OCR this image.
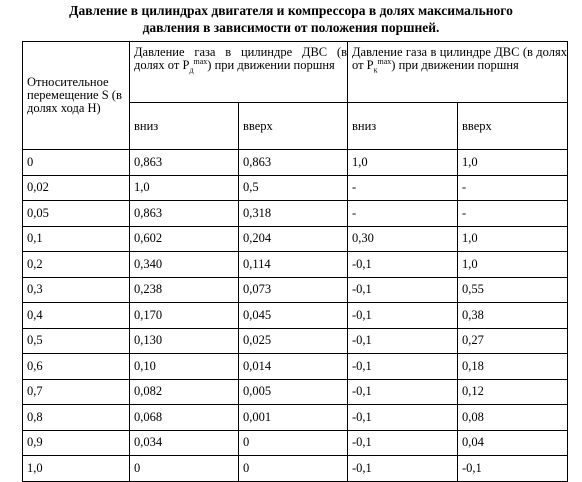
Давление в цилиндрах двигателя и компрессора в долях максимального
давления в зависимости от положения поршней.
Относительное перемещение S (в долях хода H)	Давление газа в цилиндре ДВС (в долях от $P_д^{max}$) при движении поршня		Давление газа в цилиндре ДВС (в долях от $P_к^{max}$) при движении поршня	
	вниз	вверх	вниз	вверх
0	0,863	0,863	1,0	1,0
0,02	1,0	0,5	-	-
0,05	0,863	0,318	-	-
0,1	0,602	0,204	0,30	1,0
0,2	0,340	0,114	-0,1	1,0
0,3	0,238	0,073	-0,1	0,55
0,4	0,170	0,045	-0,1	0,38
0,5	0,130	0,025	-0,1	0,27
0,6	0,10	0,014	-0,1	0,18
0,7	0,082	0,005	-0,1	0,12
0,8	0,068	0,001	-0,1	0,08
0,9	0,034	0	-0,1	0,04
1,0	0	0	-0,1	-0,1
